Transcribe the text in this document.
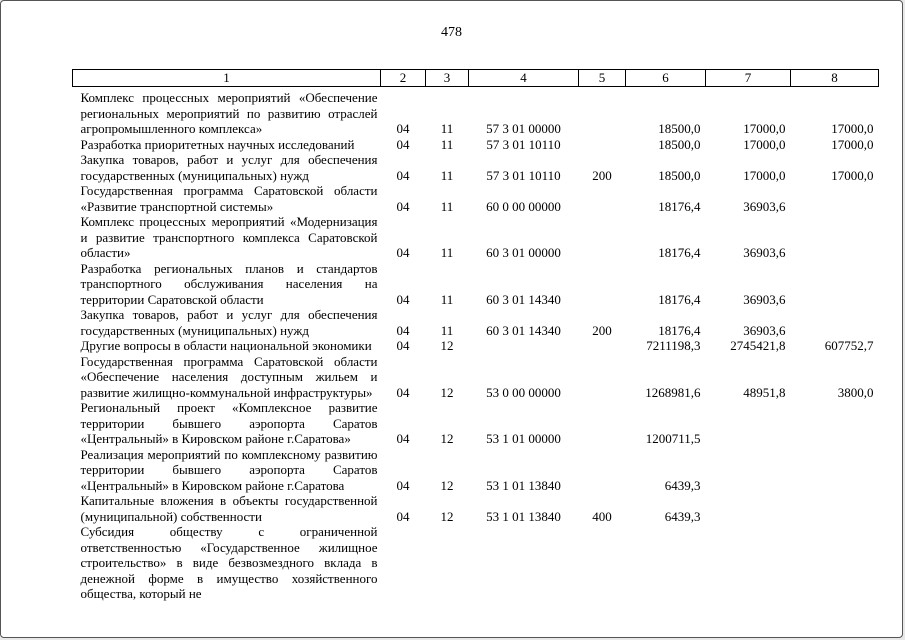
478
1	2	3	4	5	6	7	8
Комплекс процессных мероприятий «Обеспечение региональных мероприятий по развитию отраслей агропромышленного комплекса»	04	11	57 3 01 00000		18500,0	17000,0	17000,0
Разработка приоритетных научных исследований	04	11	57 3 01 10110		18500,0	17000,0	17000,0
Закупка товаров, работ и услуг для обеспечения государственных (муниципальных) нужд	04	11	57 3 01 10110	200	18500,0	17000,0	17000,0
Государственная программа Саратовской области «Развитие транспортной системы»	04	11	60 0 00 00000		18176,4	36903,6	
Комплекс процессных мероприятий «Модернизация и развитие транспортного комплекса Саратовской области»	04	11	60 3 01 00000		18176,4	36903,6	
Разработка региональных планов и стандартов транспортного обслуживания населения на территории Саратовской области	04	11	60 3 01 14340		18176,4	36903,6	
Закупка товаров, работ и услуг для обеспечения государственных (муниципальных) нужд	04	11	60 3 01 14340	200	18176,4	36903,6	
Другие вопросы в области национальной экономики	04	12			7211198,3	2745421,8	607752,7
Государственная программа Саратовской области «Обеспечение населения доступным жильем и развитие жилищно-коммунальной инфраструктуры»	04	12	53 0 00 00000		1268981,6	48951,8	3800,0
Региональный проект «Комплексное развитие территории бывшего аэропорта Саратов «Центральный» в Кировском районе г.Саратова»	04	12	53 1 01 00000		1200711,5		
Реализация мероприятий по комплексному развитию территории бывшего аэропорта Саратов «Центральный» в Кировском районе г.Саратова	04	12	53 1 01 13840		6439,3		
Капитальные вложения в объекты государственной (муниципальной) собственности	04	12	53 1 01 13840	400	6439,3		
Субсидия обществу с ограниченной ответственностью «Государственное жилищное строительство» в виде безвозмездного вклада в денежной форме в имущество хозяйственного общества, который не							
